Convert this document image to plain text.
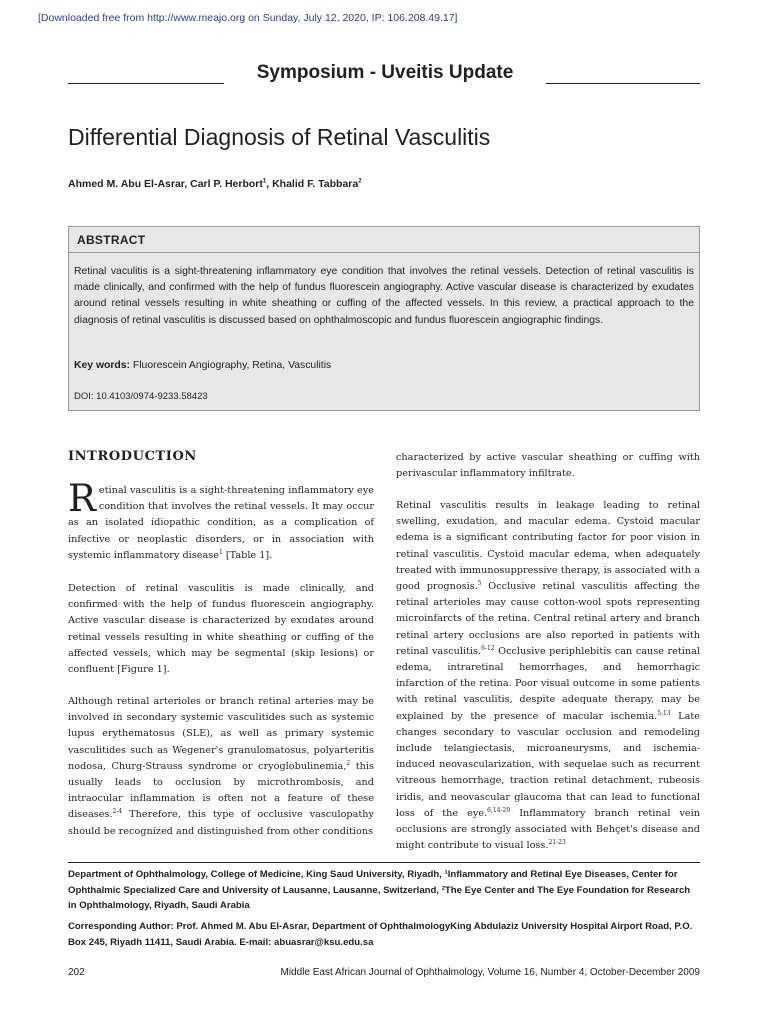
[Downloaded free from http://www.meajo.org on Sunday, July 12, 2020, IP: 106.208.49.17]
Symposium - Uveitis Update
Differential Diagnosis of Retinal Vasculitis
Ahmed M. Abu El-Asrar, Carl P. Herbort$^1$, Khalid F. Tabbara$^2$
ABSTRACT
Retinal vaculitis is a sight-threatening inflammatory eye condition that involves the retinal vessels. Detection of retinal vasculitis is made clinically, and confirmed with the help of fundus fluorescein angiography. Active vascular disease is characterized by exudates around retinal vessels resulting in white sheathing or cuffing of the affected vessels. In this review, a practical approach to the diagnosis of retinal vasculitis is discussed based on ophthalmoscopic and fundus fluorescein angiographic findings.
Key words: Fluorescein Angiography, Retina, Vasculitis
DOI: 10.4103/0974-9233.58423
INTRODUCTION
Retinal vasculitis is a sight-threatening inflammatory eye condition that involves the retinal vessels. It may occur as an isolated idiopathic condition, as a complication of infective or neoplastic disorders, or in association with systemic inflammatory disease$^1$ [Table 1].
Detection of retinal vasculitis is made clinically, and confirmed with the help of fundus fluorescein angiography. Active vascular disease is characterized by exudates around retinal vessels resulting in white sheathing or cuffing of the affected vessels, which may be segmental (skip lesions) or confluent [Figure 1].
Although retinal arterioles or branch retinal arteries may be involved in secondary systemic vasculitides such as systemic lupus erythematosus (SLE), as well as primary systemic vasculitides such as Wegener's granulomatosus, polyarteritis nodosa, Churg-Strauss syndrome or cryoglobulinemia,$^2$ this usually leads to occlusion by microthrombosis, and intraocular inflammation is often not a feature of these diseases.$^{2-4}$ Therefore, this type of occlusive vasculopathy should be recognized and distinguished from other conditions
characterized by active vascular sheathing or cuffing with perivascular inflammatory infiltrate.
Retinal vasculitis results in leakage leading to retinal swelling, exudation, and macular edema. Cystoid macular edema is a significant contributing factor for poor vision in retinal vasculitis. Cystoid macular edema, when adequately treated with immunosuppressive therapy, is associated with a good prognosis.$^5$ Occlusive retinal vasculitis affecting the retinal arterioles may cause cotton-wool spots representing microinfarcts of the retina. Central retinal artery and branch retinal artery occlusions are also reported in patients with retinal vasculitis.$^{6-12}$ Occlusive periphlebitis can cause retinal edema, intraretinal hemorrhages, and hemorrhagic infarction of the retina. Poor visual outcome in some patients with retinal vasculitis, despite adequate therapy, may be explained by the presence of macular ischemia.$^{5,13}$ Late changes secondary to vascular occlusion and remodeling include telangiectasis, microaneurysms, and ischemia-induced neovascularization, with sequelae such as recurrent vitreous hemorrhage, traction retinal detachment, rubeosis iridis, and neovascular glaucoma that can lead to functional loss of the eye.$^{6,14-20}$ Inflammatory branch retinal vein occlusions are strongly associated with Behçet's disease and might contribute to visual loss.$^{21-23}$
Department of Ophthalmology, College of Medicine, King Saud University, Riyadh, ¹Inflammatory and Retinal Eye Diseases, Center for Ophthalmic Specialized Care and University of Lausanne, Lausanne, Switzerland, ²The Eye Center and The Eye Foundation for Research in Ophthalmology, Riyadh, Saudi Arabia
Corresponding Author: Prof. Ahmed M. Abu El-Asrar, Department of OphthalmologyKing Abdulaziz University Hospital Airport Road, P.O. Box 245, Riyadh 11411, Saudi Arabia. E-mail: abuasrar@ksu.edu.sa
202	Middle East African Journal of Ophthalmology, Volume 16, Number 4, October-December 2009
